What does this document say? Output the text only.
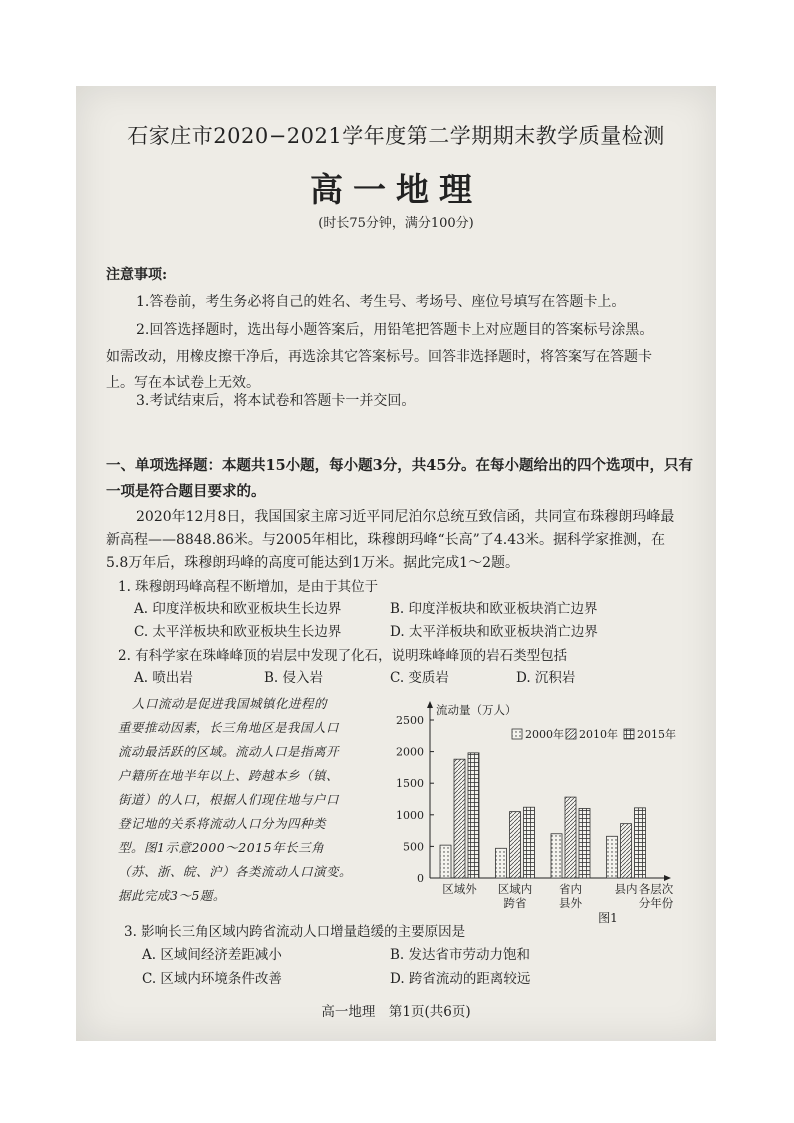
石家庄市2020−2021学年度第二学期期末教学质量检测
高一地理
(时长75分钟，满分100分)
注意事项:
1.答卷前，考生务必将自己的姓名、考生号、考场号、座位号填写在答题卡上。
2.回答选择题时，选出每小题答案后，用铅笔把答题卡上对应题目的答案标号涂黑。
如需改动，用橡皮擦干净后，再选涂其它答案标号。回答非选择题时，将答案写在答题卡
上。写在本试卷上无效。
3.考试结束后，将本试卷和答题卡一并交回。
一、单项选择题：本题共15小题，每小题3分，共45分。在每小题给出的四个选项中，只有
一项是符合题目要求的。
2020年12月8日，我国国家主席习近平同尼泊尔总统互致信函，共同宣布珠穆朗玛峰最
新高程——8848.86米。与2005年相比，珠穆朗玛峰“长高”了4.43米。据科学家推测，在
5.8万年后，珠穆朗玛峰的高度可能达到1万米。据此完成1～2题。
1. 珠穆朗玛峰高程不断增加，是由于其位于
A. 印度洋板块和欧亚板块生长边界	B. 印度洋板块和欧亚板块消亡边界
C. 太平洋板块和欧亚板块生长边界	D. 太平洋板块和欧亚板块消亡边界
2. 有科学家在珠峰峰顶的岩层中发现了化石，说明珠峰峰顶的岩石类型包括
A. 喷出岩	B. 侵入岩	C. 变质岩	D. 沉积岩
人口流动是促进我国城镇化进程的
重要推动因素，长三角地区是我国人口
流动最活跃的区域。流动人口是指离开
户籍所在地半年以上、跨越本乡（镇、
街道）的人口，根据人们现住地与户口
登记地的关系将流动人口分为四种类
型。图1示意2000～2015年长三角
（苏、浙、皖、沪）各类流动人口演变。
据此完成3～5题。
0
500
1000
1500
2000
2500
流动量（万人）
区域外 区域内
跨省
省内
县外
县内 各层次
分年份
图1
2000年 2010年 2015年
3. 影响长三角区域内跨省流动人口增量趋缓的主要原因是
A. 区域间经济差距减小	B. 发达省市劳动力饱和
C. 区域内环境条件改善	D. 跨省流动的距离较远
高一地理　第1页(共6页)
